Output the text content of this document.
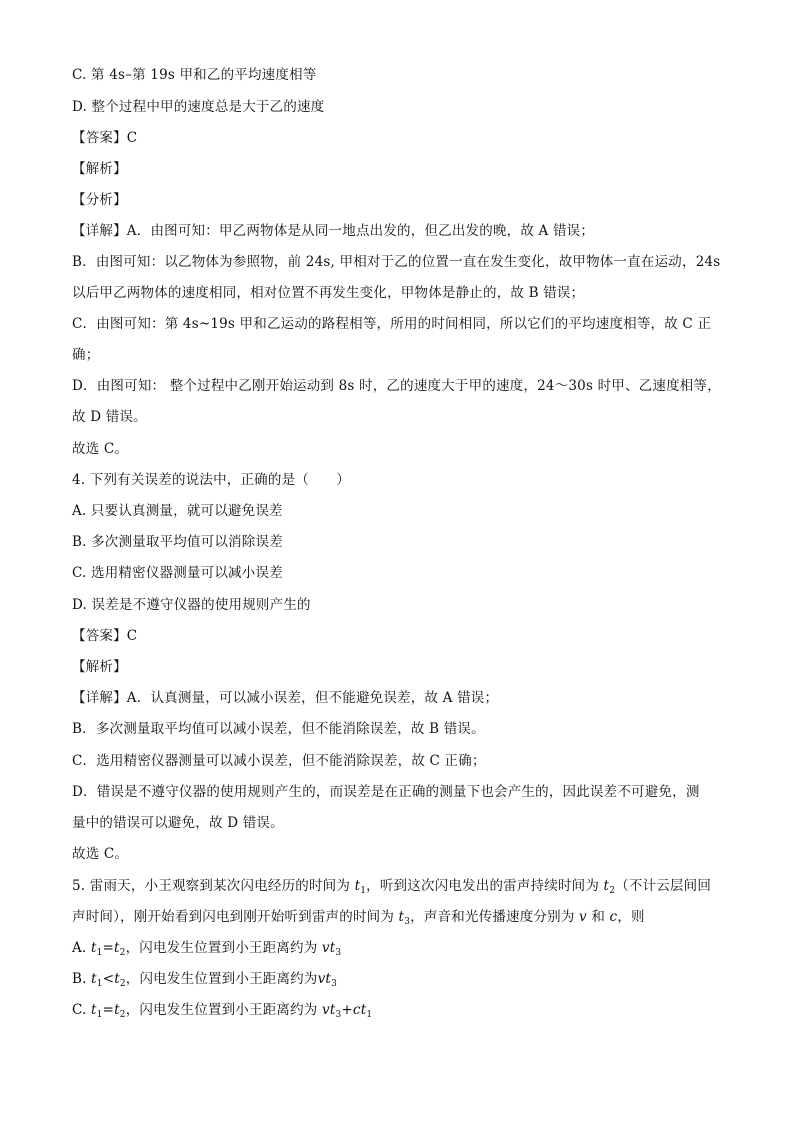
C. 第 4s–第 19s 甲和乙的平均速度相等
D. 整个过程中甲的速度总是大于乙的速度
【答案】C
【解析】
【分析】
【详解】A．由图可知：甲乙两物体是从同一地点出发的，但乙出发的晚，故 A 错误；
B．由图可知：以乙物体为参照物，前 24s, 甲相对于乙的位置一直在发生变化，故甲物体一直在运动，24s
以后甲乙两物体的速度相同，相对位置不再发生变化，甲物体是静止的，故 B 错误；
C．由图可知：第 4s~19s 甲和乙运动的路程相等，所用的时间相同，所以它们的平均速度相等，故 C 正
确；
D．由图可知： 整个过程中乙刚开始运动到 8s 时，乙的速度大于甲的速度，24～30s 时甲、乙速度相等，
故 D 错误。
故选 C。
4. 下列有关误差的说法中，正确的是（　　）
A. 只要认真测量，就可以避免误差
B. 多次测量取平均值可以消除误差
C. 选用精密仪器测量可以减小误差
D. 误差是不遵守仪器的使用规则产生的
【答案】C
【解析】
【详解】A．认真测量，可以减小误差，但不能避免误差，故 A 错误；
B．多次测量取平均值可以减小误差，但不能消除误差，故 B 错误。
C．选用精密仪器测量可以减小误差，但不能消除误差，故 C 正确；
D．错误是不遵守仪器的使用规则产生的，而误差是在正确的测量下也会产生的，因此误差不可避免，测
量中的错误可以避免，故 D 错误。
故选 C。
5. 雷雨天，小王观察到某次闪电经历的时间为 $t_1$，听到这次闪电发出的雷声持续时间为 $t_2$（不计云层间回
声时间），刚开始看到闪电到刚开始听到雷声的时间为 $t_3$，声音和光传播速度分别为 v 和 c，则
A. $t_1=t_2$，闪电发生位置到小王距离约为 $vt_3$
B. $t_1<t_2$，闪电发生位置到小王距离约为$vt_3$
C. $t_1=t_2$，闪电发生位置到小王距离约为 $vt_3+ct_1$
